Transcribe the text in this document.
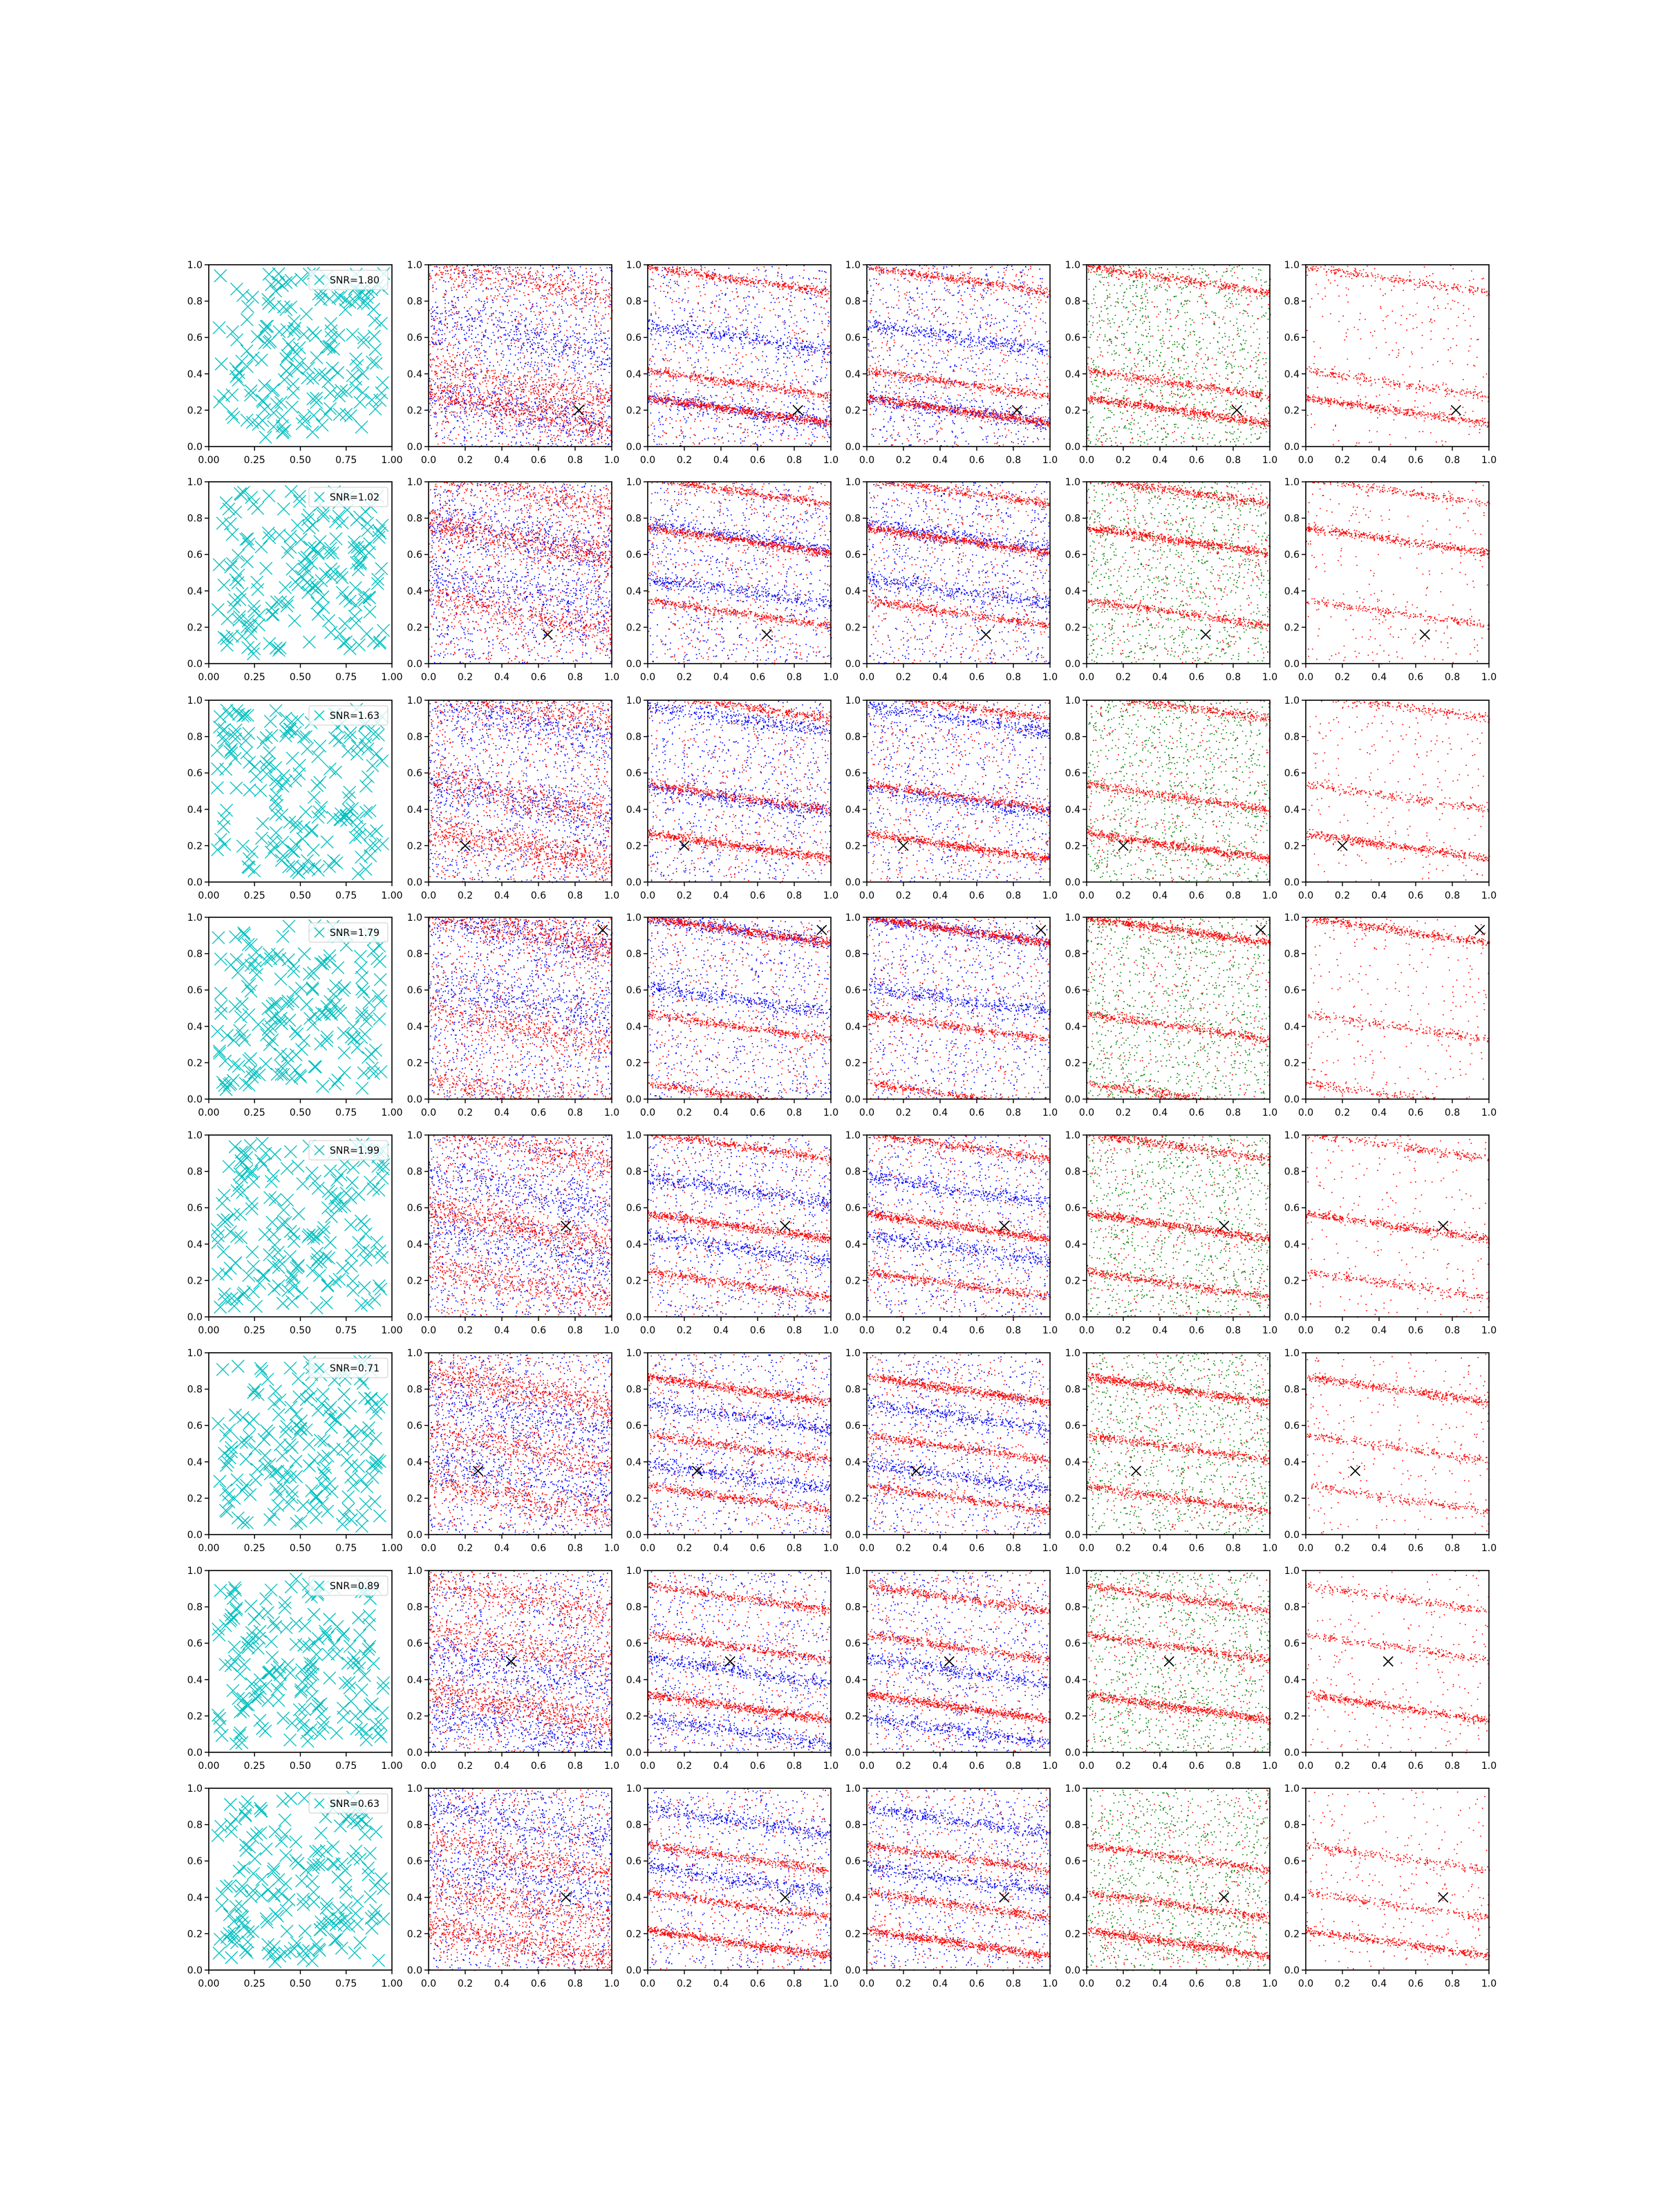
0.00	0.25	0.50	0.75	1.00
0.0
0.2
0.4
0.6
0.8
1.0
SNR=1.80
0.0 0.2 0.4 0.6 0.8 1.0
0.0
0.2
0.4
0.6
0.8
1.0
0.0 0.2 0.4 0.6 0.8 1.0
0.0
0.2
0.4
0.6
0.8
1.0
0.0 0.2 0.4 0.6 0.8 1.0
0.0
0.2
0.4
0.6
0.8
1.0
0.0 0.2 0.4 0.6 0.8 1.0
0.0
0.2
0.4
0.6
0.8
1.0
0.0 0.2 0.4 0.6 0.8 1.0
0.0
0.2
0.4
0.6
0.8
1.0
0.00	0.25	0.50	0.75	1.00
0.0
0.2
0.4
0.6
0.8
1.0
SNR=1.02
0.0 0.2 0.4 0.6 0.8 1.0
0.0
0.2
0.4
0.6
0.8
1.0
0.0 0.2 0.4 0.6 0.8 1.0
0.0
0.2
0.4
0.6
0.8
1.0
0.0 0.2 0.4 0.6 0.8 1.0
0.0
0.2
0.4
0.6
0.8
1.0
0.0 0.2 0.4 0.6 0.8 1.0
0.0
0.2
0.4
0.6
0.8
1.0
0.0 0.2 0.4 0.6 0.8 1.0
0.0
0.2
0.4
0.6
0.8
1.0
0.00	0.25	0.50	0.75	1.00
0.0
0.2
0.4
0.6
0.8
1.0
SNR=1.63
0.0 0.2 0.4 0.6 0.8 1.0
0.0
0.2
0.4
0.6
0.8
1.0
0.0 0.2 0.4 0.6 0.8 1.0
0.0
0.2
0.4
0.6
0.8
1.0
0.0 0.2 0.4 0.6 0.8 1.0
0.0
0.2
0.4
0.6
0.8
1.0
0.0 0.2 0.4 0.6 0.8 1.0
0.0
0.2
0.4
0.6
0.8
1.0
0.0 0.2 0.4 0.6 0.8 1.0
0.0
0.2
0.4
0.6
0.8
1.0
0.00	0.25	0.50	0.75	1.00
0.0
0.2
0.4
0.6
0.8
1.0
SNR=1.79
0.0 0.2 0.4 0.6 0.8 1.0
0.0
0.2
0.4
0.6
0.8
1.0
0.0 0.2 0.4 0.6 0.8 1.0
0.0
0.2
0.4
0.6
0.8
1.0
0.0 0.2 0.4 0.6 0.8 1.0
0.0
0.2
0.4
0.6
0.8
1.0
0.0 0.2 0.4 0.6 0.8 1.0
0.0
0.2
0.4
0.6
0.8
1.0
0.0 0.2 0.4 0.6 0.8 1.0
0.0
0.2
0.4
0.6
0.8
1.0
0.00	0.25	0.50	0.75	1.00
0.0
0.2
0.4
0.6
0.8
1.0
SNR=1.99
0.0 0.2 0.4 0.6 0.8 1.0
0.0
0.2
0.4
0.6
0.8
1.0
0.0 0.2 0.4 0.6 0.8 1.0
0.0
0.2
0.4
0.6
0.8
1.0
0.0 0.2 0.4 0.6 0.8 1.0
0.0
0.2
0.4
0.6
0.8
1.0
0.0 0.2 0.4 0.6 0.8 1.0
0.0
0.2
0.4
0.6
0.8
1.0
0.0 0.2 0.4 0.6 0.8 1.0
0.0
0.2
0.4
0.6
0.8
1.0
0.00	0.25	0.50	0.75	1.00
0.0
0.2
0.4
0.6
0.8
1.0
SNR=0.71
0.0 0.2 0.4 0.6 0.8 1.0
0.0
0.2
0.4
0.6
0.8
1.0
0.0 0.2 0.4 0.6 0.8 1.0
0.0
0.2
0.4
0.6
0.8
1.0
0.0 0.2 0.4 0.6 0.8 1.0
0.0
0.2
0.4
0.6
0.8
1.0
0.0 0.2 0.4 0.6 0.8 1.0
0.0
0.2
0.4
0.6
0.8
1.0
0.0 0.2 0.4 0.6 0.8 1.0
0.0
0.2
0.4
0.6
0.8
1.0
0.00	0.25	0.50	0.75	1.00
0.0
0.2
0.4
0.6
0.8
1.0
SNR=0.89
0.0 0.2 0.4 0.6 0.8 1.0
0.0
0.2
0.4
0.6
0.8
1.0
0.0 0.2 0.4 0.6 0.8 1.0
0.0
0.2
0.4
0.6
0.8
1.0
0.0 0.2 0.4 0.6 0.8 1.0
0.0
0.2
0.4
0.6
0.8
1.0
0.0 0.2 0.4 0.6 0.8 1.0
0.0
0.2
0.4
0.6
0.8
1.0
0.0 0.2 0.4 0.6 0.8 1.0
0.0
0.2
0.4
0.6
0.8
1.0
0.00	0.25	0.50	0.75	1.00
0.0
0.2
0.4
0.6
0.8
1.0
SNR=0.63
0.0 0.2 0.4 0.6 0.8 1.0
0.0
0.2
0.4
0.6
0.8
1.0
0.0 0.2 0.4 0.6 0.8 1.0
0.0
0.2
0.4
0.6
0.8
1.0
0.0 0.2 0.4 0.6 0.8 1.0
0.0
0.2
0.4
0.6
0.8
1.0
0.0 0.2 0.4 0.6 0.8 1.0
0.0
0.2
0.4
0.6
0.8
1.0
0.0 0.2 0.4 0.6 0.8 1.0
0.0
0.2
0.4
0.6
0.8
1.0
